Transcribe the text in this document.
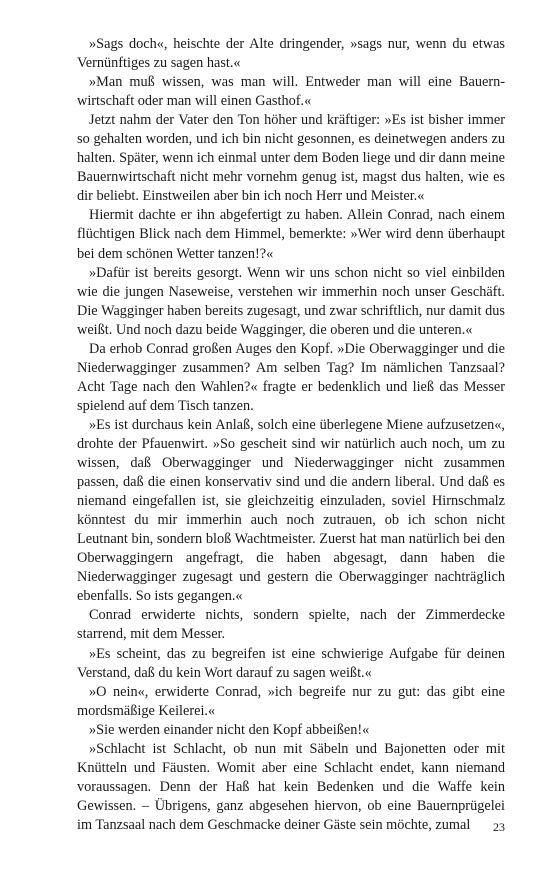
»Sags doch«, heischte der Alte dringender, »sags nur, wenn du etwas Vernünftiges zu sagen hast.«

»Man muß wissen, was man will. Entweder man will eine Bauernwirtschaft oder man will einen Gasthof.«

Jetzt nahm der Vater den Ton höher und kräftiger: »Es ist bisher immer so gehalten worden, und ich bin nicht gesonnen, es deinetwegen anders zu halten. Später, wenn ich einmal unter dem Boden liege und dir dann meine Bauernwirtschaft nicht mehr vornehm genug ist, magst dus halten, wie es dir beliebt. Einstweilen aber bin ich noch Herr und Meister.«

Hiermit dachte er ihn abgefertigt zu haben. Allein Conrad, nach einem flüchtigen Blick nach dem Himmel, bemerkte: »Wer wird denn überhaupt bei dem schönen Wetter tanzen!?«

»Dafür ist bereits gesorgt. Wenn wir uns schon nicht so viel einbilden wie die jungen Naseweise, verstehen wir immerhin noch unser Geschäft. Die Wagginger haben bereits zugesagt, und zwar schriftlich, nur damit dus weißt. Und noch dazu beide Wagginger, die oberen und die unteren.«

Da erhob Conrad großen Auges den Kopf. »Die Oberwagginger und die Niederwagginger zusammen? Am selben Tag? Im nämlichen Tanzsaal? Acht Tage nach den Wahlen?« fragte er bedenklich und ließ das Messer spielend auf dem Tisch tanzen.

»Es ist durchaus kein Anlaß, solch eine überlegene Miene aufzusetzen«, drohte der Pfauenwirt. »So gescheit sind wir natürlich auch noch, um zu wissen, daß Oberwagginger und Niederwagginger nicht zusammen passen, daß die einen konservativ sind und die andern liberal. Und daß es niemand eingefallen ist, sie gleichzeitig einzuladen, soviel Hirnschmalz könntest du mir immerhin auch noch zutrauen, ob ich schon nicht Leutnant bin, sondern bloß Wachtmeister. Zuerst hat man natürlich bei den Oberwaggingern angefragt, die haben abgesagt, dann haben die Niederwagginger zugesagt und gestern die Oberwagginger nachträglich ebenfalls. So ists gegangen.«

Conrad erwiderte nichts, sondern spielte, nach der Zimmerdecke starrend, mit dem Messer.

»Es scheint, das zu begreifen ist eine schwierige Aufgabe für deinen Verstand, daß du kein Wort darauf zu sagen weißt.«

»O nein«, erwiderte Conrad, »ich begreife nur zu gut: das gibt eine mordsmäßige Keilerei.«

»Sie werden einander nicht den Kopf abbeißen!«

»Schlacht ist Schlacht, ob nun mit Säbeln und Bajonetten oder mit Knütteln und Fäusten. Womit aber eine Schlacht endet, kann niemand voraussagen. Denn der Haß hat kein Bedenken und die Waffe kein Gewissen. – Übrigens, ganz abgesehen hiervon, ob eine Bauernprügelei im Tanzsaal nach dem Geschmacke deiner Gäste sein möchte, zumal	23
